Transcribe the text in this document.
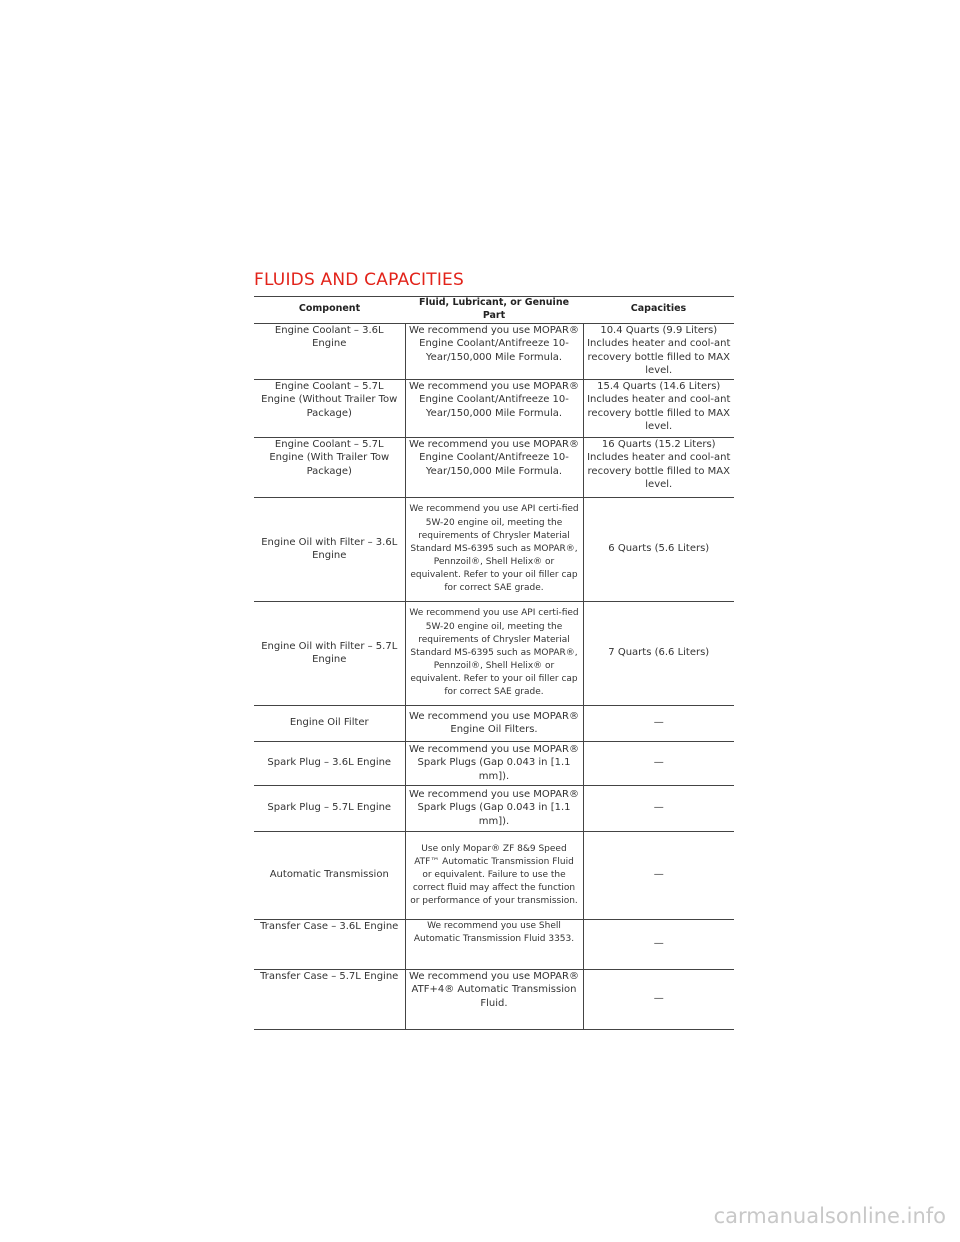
FLUIDS AND CAPACITIES
Component	Fluid, Lubricant, or Genuine Part	Capacities
Engine Coolant – 3.6L Engine	We recommend you use MOPAR® Engine Coolant/Antifreeze 10-Year/150,000 Mile Formula.	10.4 Quarts (9.9 Liters) Includes heater and cool-ant recovery bottle filled to MAX level.
Engine Coolant – 5.7L Engine (Without Trailer Tow Package)	We recommend you use MOPAR® Engine Coolant/Antifreeze 10-Year/150,000 Mile Formula.	15.4 Quarts (14.6 Liters) Includes heater and cool-ant recovery bottle filled to MAX level.
Engine Coolant – 5.7L Engine (With Trailer Tow Package)	We recommend you use MOPAR® Engine Coolant/Antifreeze 10-Year/150,000 Mile Formula.	16 Quarts (15.2 Liters) Includes heater and cool-ant recovery bottle filled to MAX level.
Engine Oil with Filter – 3.6L Engine	We recommend you use API certi-fied 5W-20 engine oil, meeting the requirements of Chrysler Material Standard MS-6395 such as MOPAR®, Pennzoil®, Shell Helix® or equivalent. Refer to your oil filler cap for correct SAE grade.	6 Quarts (5.6 Liters)
Engine Oil with Filter – 5.7L Engine	We recommend you use API certi-fied 5W-20 engine oil, meeting the requirements of Chrysler Material Standard MS-6395 such as MOPAR®, Pennzoil®, Shell Helix® or equivalent. Refer to your oil filler cap for correct SAE grade.	7 Quarts (6.6 Liters)
Engine Oil Filter	We recommend you use MOPAR® Engine Oil Filters.	—
Spark Plug – 3.6L Engine	We recommend you use MOPAR® Spark Plugs (Gap 0.043 in [1.1 mm]).	—
Spark Plug – 5.7L Engine	We recommend you use MOPAR® Spark Plugs (Gap 0.043 in [1.1 mm]).	—
Automatic Transmission	Use only Mopar® ZF 8&9 Speed ATF™ Automatic Transmission Fluid or equivalent. Failure to use the correct fluid may affect the function or performance of your transmission.	—
Transfer Case – 3.6L Engine	We recommend you use Shell Automatic Transmission Fluid 3353.	—
Transfer Case – 5.7L Engine	We recommend you use MOPAR® ATF+4® Automatic Transmission Fluid.	—
carmanualsonline.info
